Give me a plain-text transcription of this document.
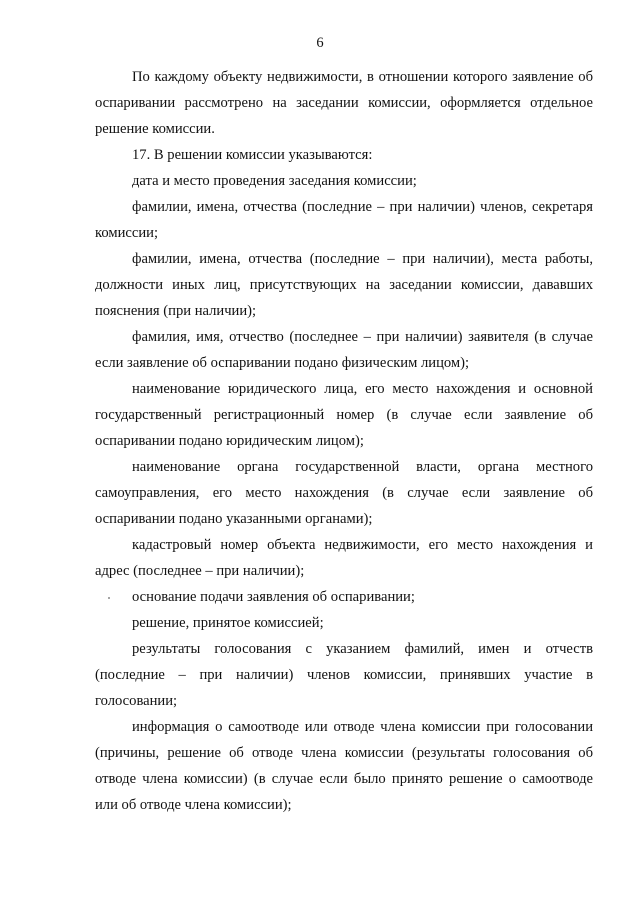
6

По каждому объекту недвижимости, в отношении которого заявление об оспаривании рассмотрено на заседании комиссии, оформляется отдельное решение комиссии.

17. В решении комиссии указываются:

дата и место проведения заседания комиссии;

фамилии, имена, отчества (последние – при наличии) членов, секретаря комиссии;

фамилии, имена, отчества (последние – при наличии), места работы, должности иных лиц, присутствующих на заседании комиссии, дававших пояснения (при наличии);

фамилия, имя, отчество (последнее – при наличии) заявителя (в случае если заявление об оспаривании подано физическим лицом);

наименование юридического лица, его место нахождения и основной государственный регистрационный номер (в случае если заявление об оспаривании подано юридическим лицом);

наименование органа государственной власти, органа местного самоуправления, его место нахождения (в случае если заявление об оспаривании подано указанными органами);

кадастровый номер объекта недвижимости, его место нахождения и адрес (последнее – при наличии);

основание подачи заявления об оспаривании;

решение, принятое комиссией;

результаты голосования с указанием фамилий, имен и отчеств (последние – при наличии) членов комиссии, принявших участие в голосовании;

информация о самоотводе или отводе члена комиссии при голосовании (причины, решение об отводе члена комиссии (результаты голосования об отводе члена комиссии) (в случае если было принято решение о самоотводе или об отводе члена комиссии);
